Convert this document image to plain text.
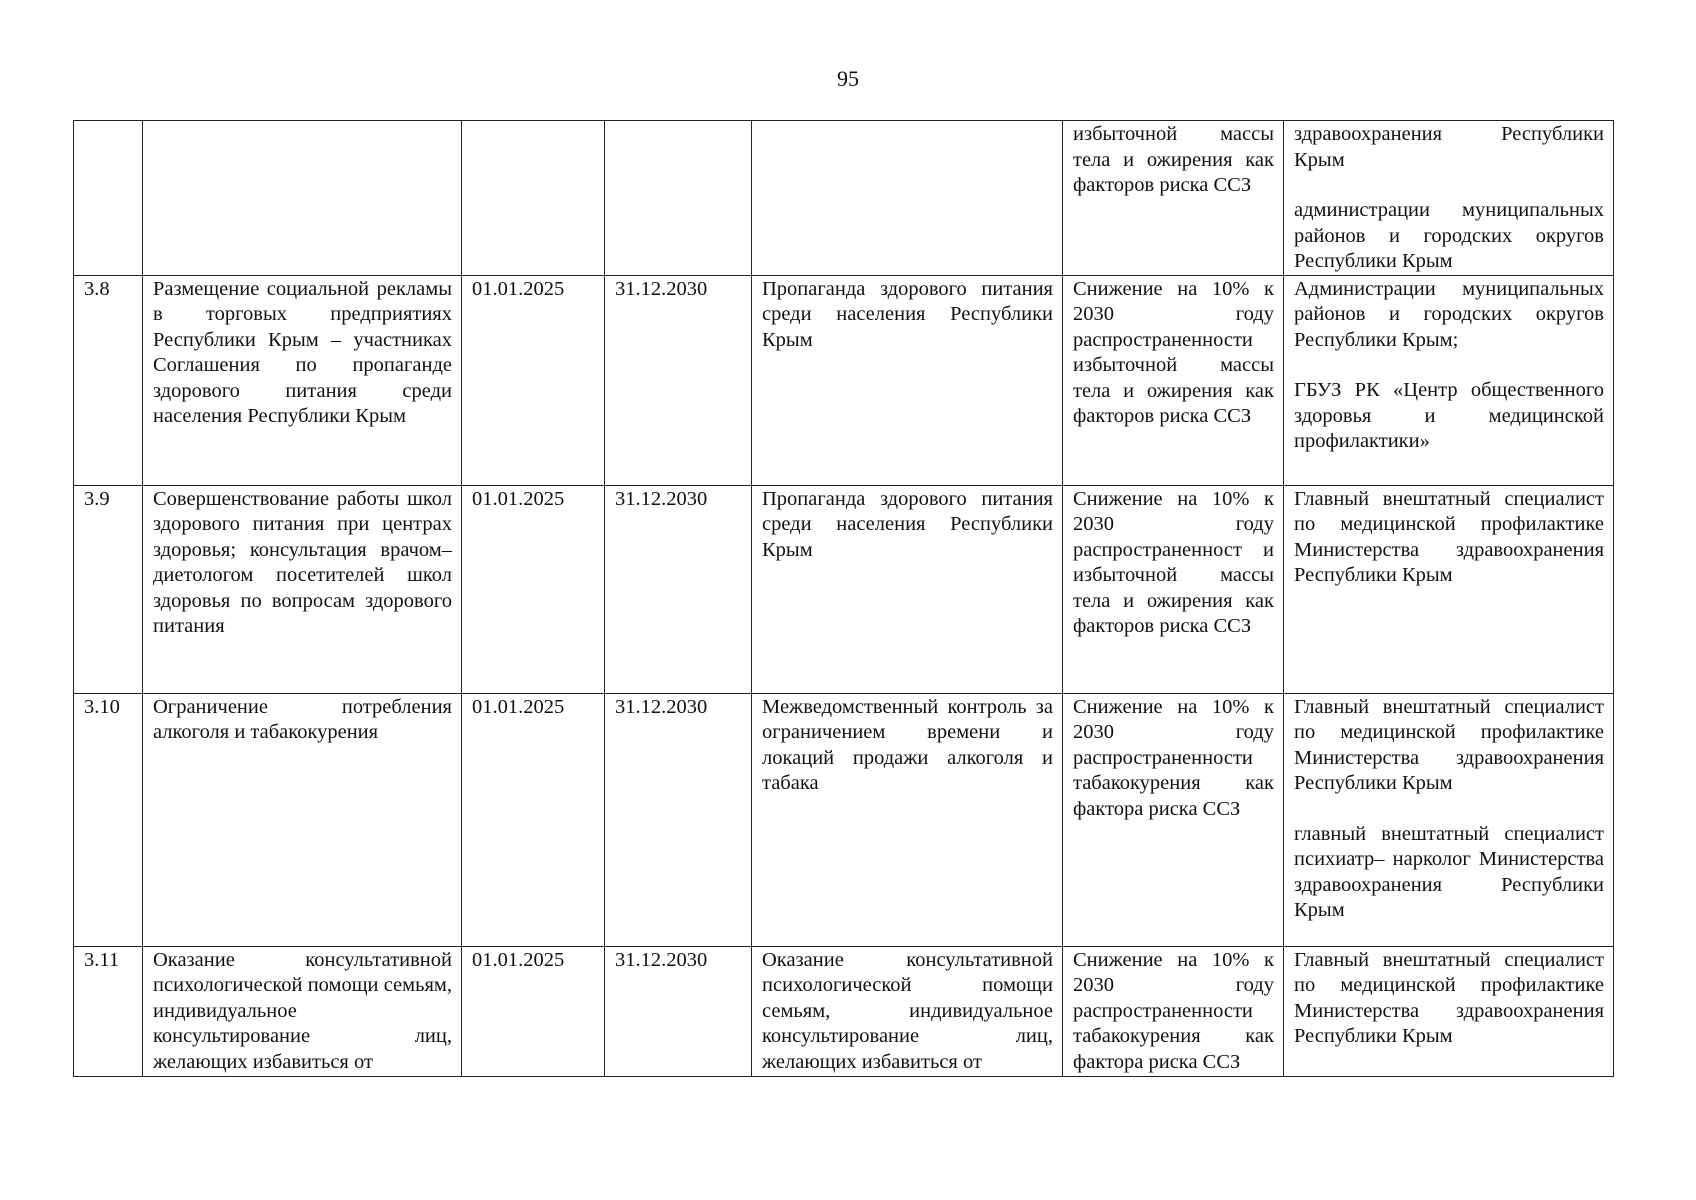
95
					избыточной массы тела и ожирения как факторов риска ССЗ	здравоохранения Республики Крым
администрации муниципальных районов и городских округов Республики Крым

3.8	Размещение социальной рекламы в торговых предприятиях Республики Крым – участниках Соглашения по пропаганде здорового питания среди населения Республики Крым	01.01.2025	31.12.2030	Пропаганда здорового питания среди населения Республики Крым	Снижение на 10% к 2030 году распространенности избыточной массы тела и ожирения как факторов риска ССЗ	Администрации муниципальных районов и городских округов Республики Крым;
ГБУЗ РК «Центр общественного здоровья и медицинской профилактики»

3.9	Совершенствование работы школ здорового питания при центрах здоровья; консультация врачом–диетологом посетителей школ здоровья по вопросам здорового питания	01.01.2025	31.12.2030	Пропаганда здорового питания среди населения Республики Крым	Снижение на 10% к 2030 году распространенност и избыточной массы тела и ожирения как факторов риска ССЗ	Главный внештатный специалист по медицинской профилактике Министерства здравоохранения Республики Крым

3.10	Ограничение потребления алкоголя и табакокурения	01.01.2025	31.12.2030	Межведомственный контроль за ограничением времени и локаций продажи алкоголя и табака	Снижение на 10% к 2030 году распространенности табакокурения как фактора риска ССЗ	Главный внештатный специалист по медицинской профилактике Министерства здравоохранения Республики Крым
главный внештатный специалист психиатр– нарколог Министерства здравоохранения Республики Крым

3.11	Оказание консультативной психологической помощи семьям, индивидуальное консультирование лиц, желающих избавиться от	01.01.2025	31.12.2030	Оказание консультативной психологической помощи семьям, индивидуальное консультирование лиц, желающих избавиться от	Снижение на 10% к 2030 году распространенности табакокурения как фактора риска ССЗ	Главный внештатный специалист по медицинской профилактике Министерства здравоохранения Республики Крым
